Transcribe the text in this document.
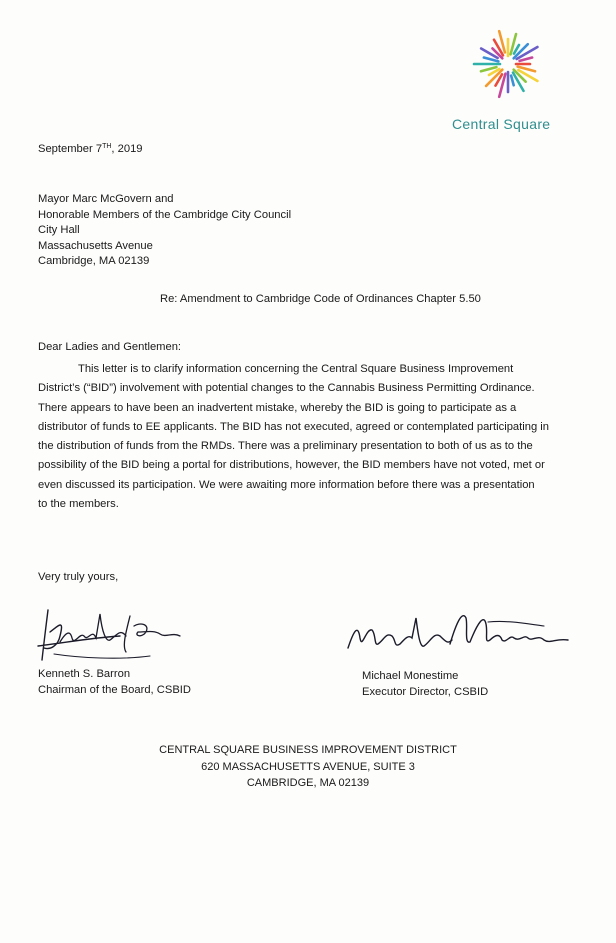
Central Square
September 7TH, 2019
Mayor Marc McGovern and
Honorable Members of the Cambridge City Council
City Hall
Massachusetts Avenue
Cambridge, MA 02139
Re: Amendment to Cambridge Code of Ordinances Chapter 5.50
Dear Ladies and Gentlemen:
This letter is to clarify information concerning the Central Square Business Improvement
District’s (“BID”) involvement with potential changes to the Cannabis Business Permitting Ordinance.
There appears to have been an inadvertent mistake, whereby the BID is going to participate as a
distributor of funds to EE applicants. The BID has not executed, agreed or contemplated participating in
the distribution of funds from the RMDs. There was a preliminary presentation to both of us as to the
possibility of the BID being a portal for distributions, however, the BID members have not voted, met or
even discussed its participation. We were awaiting more information before there was a presentation
to the members.
Very truly yours,
Kenneth S. Barron
Chairman of the Board, CSBID
Michael Monestime
Executor Director, CSBID
CENTRAL SQUARE BUSINESS IMPROVEMENT DISTRICT
620 MASSACHUSETTS AVENUE, SUITE 3
CAMBRIDGE, MA 02139
